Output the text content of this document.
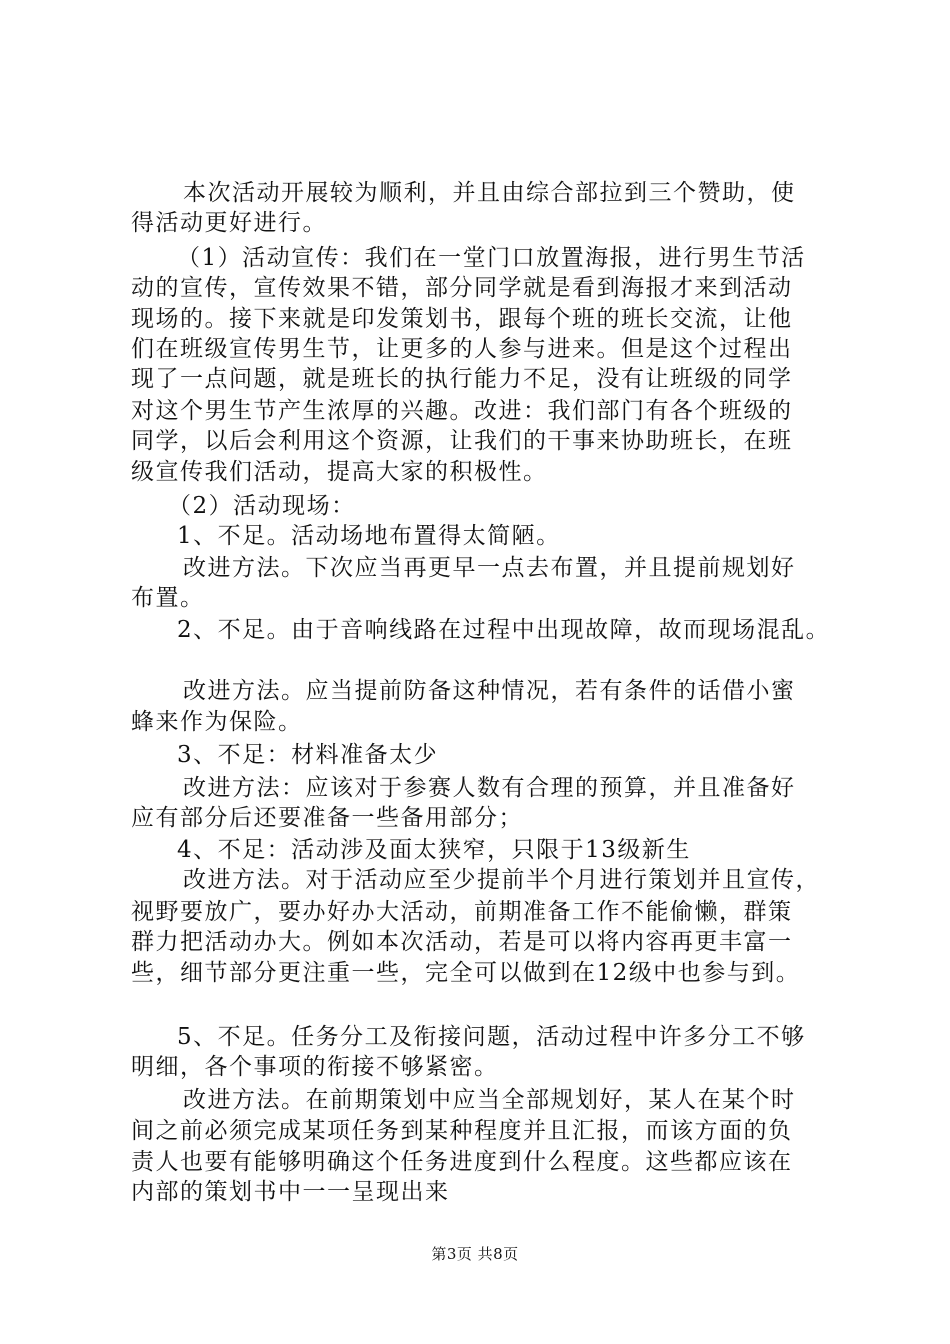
本次活动开展较为顺利，并且由综合部拉到三个赞助，使
得活动更好进行。
（1）活动宣传：我们在一堂门口放置海报，进行男生节活
动的宣传，宣传效果不错，部分同学就是看到海报才来到活动
现场的。接下来就是印发策划书，跟每个班的班长交流，让他
们在班级宣传男生节，让更多的人参与进来。但是这个过程出
现了一点问题，就是班长的执行能力不足，没有让班级的同学
对这个男生节产生浓厚的兴趣。改进：我们部门有各个班级的
同学，以后会利用这个资源，让我们的干事来协助班长，在班
级宣传我们活动，提高大家的积极性。
（2）活动现场：
1、不足。活动场地布置得太简陋。
改进方法。下次应当再更早一点去布置，并且提前规划好
布置。
2、不足。由于音响线路在过程中出现故障，故而现场混乱。
改进方法。应当提前防备这种情况，若有条件的话借小蜜
蜂来作为保险。
3、不足：材料准备太少
改进方法：应该对于参赛人数有合理的预算，并且准备好
应有部分后还要准备一些备用部分；
4、不足：活动涉及面太狭窄，只限于13级新生
改进方法。对于活动应至少提前半个月进行策划并且宣传，
视野要放广，要办好办大活动，前期准备工作不能偷懒，群策
群力把活动办大。例如本次活动，若是可以将内容再更丰富一
些，细节部分更注重一些，完全可以做到在12级中也参与到。
5、不足。任务分工及衔接问题，活动过程中许多分工不够
明细，各个事项的衔接不够紧密。
改进方法。在前期策划中应当全部规划好，某人在某个时
间之前必须完成某项任务到某种程度并且汇报，而该方面的负
责人也要有能够明确这个任务进度到什么程度。这些都应该在
内部的策划书中一一呈现出来
第3页 共8页
